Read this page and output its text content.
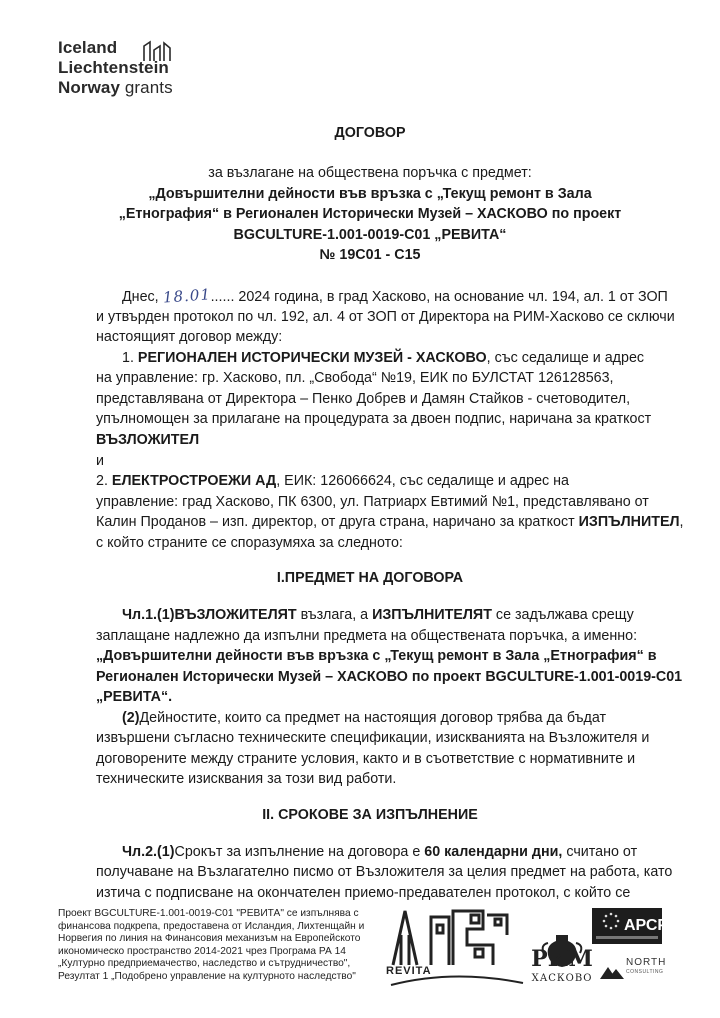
Iceland
Liechtenstein
Norway grants
ДОГОВОР
за възлагане на обществена поръчка с предмет:
„Довършителни дейности във връзка с „Текущ ремонт в Зала
„Етнография“ в Регионален Исторически Музей – ХАСКОВО по проект
BGCULTURE-1.001-0019-C01 „РЕВИТА“
№ 19С01 - С15
Днес, 18.01...... 2024 година, в град Хасково, на основание чл. 194, ал. 1 от ЗОП
и утвърден протокол по чл. 192, ал. 4 от ЗОП от Директора на РИМ-Хасково се сключи
настоящият договор между:
1. РЕГИОНАЛЕН ИСТОРИЧЕСКИ МУЗЕЙ - ХАСКОВО, със седалище и адрес
на управление: гр. Хасково, пл. „Свобода“ №19, ЕИК по БУЛСТАТ 126128563,
представлявана от Директора – Пенко Добрев и Дамян Стайков - счетоводител,
упълномощен за прилагане на процедурата за двоен подпис, наричана за краткост
ВЪЗЛОЖИТЕЛ
и
2. ЕЛЕКТРОСТРОЕЖИ АД, ЕИК: 126066624, със седалище и адрес на
управление: град Хасково, ПК 6300, ул. Патриарх Евтимий №1, представлявано от
Калин Проданов – изп. директор, от друга страна, наричано за краткост ИЗПЪЛНИТЕЛ,
с който страните се споразумяха за следното:
I.ПРЕДМЕТ НА ДОГОВОРА
Чл.1.(1)ВЪЗЛОЖИТЕЛЯТ възлага, а ИЗПЪЛНИТЕЛЯТ се задължава срещу
заплащане надлежно да изпълни предмета на обществената поръчка, а именно:
„Довършителни дейности във връзка с „Текущ ремонт в Зала „Етнография“ в
Регионален Исторически Музей – ХАСКОВО по проект BGCULTURE-1.001-0019-C01
„РЕВИТА“.
(2)Дейностите, които са предмет на настоящия договор трябва да бъдат
извършени съгласно техническите спецификации, изискванията на Възложителя и
договорените между страните условия, както и в съответствие с нормативните и
техническите изисквания за този вид работи.
II. СРОКОВЕ ЗА ИЗПЪЛНЕНИЕ
Чл.2.(1)Срокът за изпълнение на договора е 60 календарни дни, считано от
получаване на Възлагателно писмо от Възложителя за целия предмет на работа, като
изтича с подписване на окончателен приемо-предавателен протокол, с който се
Проект BGCULTURE-1.001-0019-C01 "РЕВИТА" се изпълнява с
финансова подкрепа, предоставена от Исландия, Лихтенщайн и
Норвегия по линия на Финансовия механизъм на Европейското
икономическо пространство 2014-2021 чрез Програма РА 14
„Културно предприемачество, наследство и сътрудничество",
Резултат 1 „Подобрено управление на културното наследство"	REVITA	РИМ
ХАСКОВО
АРСР
NORTH
CONSULTING
